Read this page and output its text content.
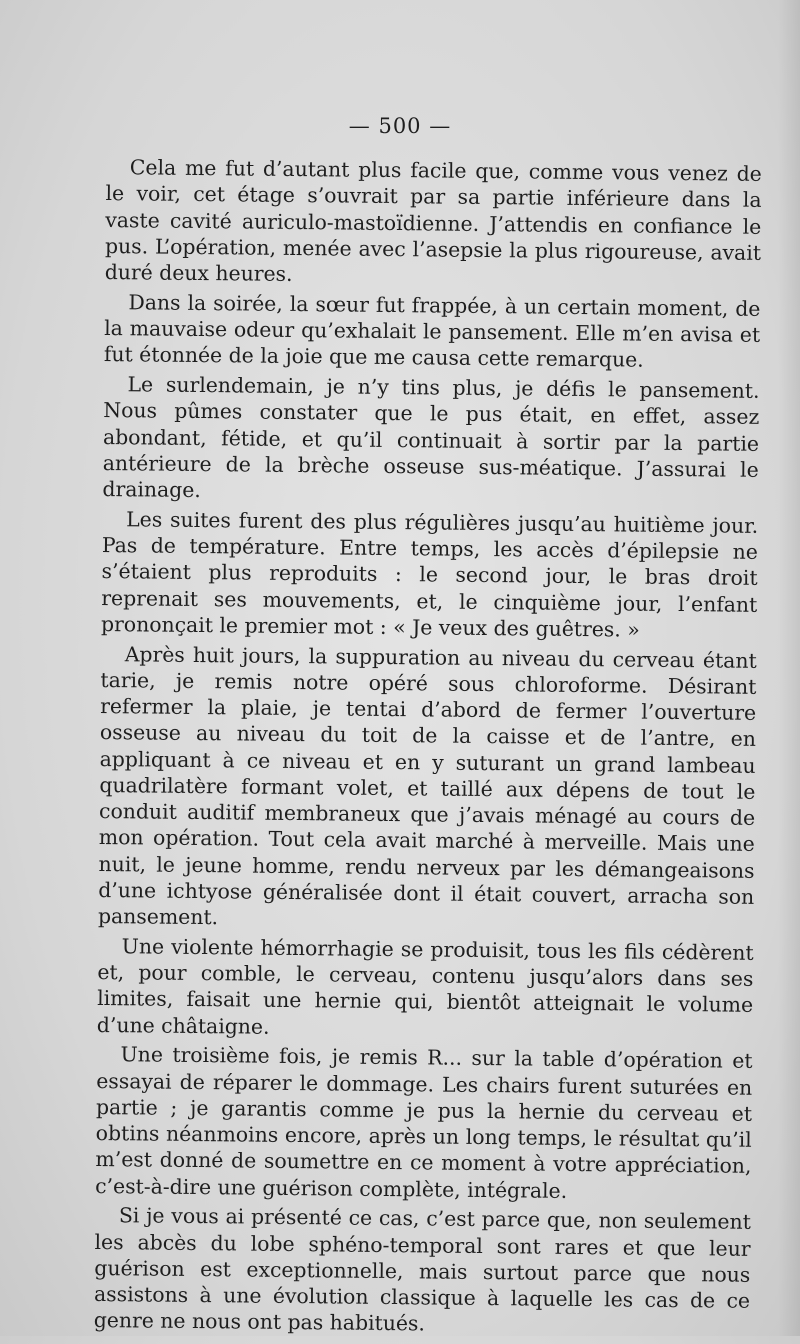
— 500 —

Cela me fut d’autant plus facile que, comme vous venez de le voir, cet étage s’ouvrait par sa partie inférieure dans la vaste cavité auriculo-mastoïdienne. J’attendis en confiance le pus. L’opération, menée avec l’asepsie la plus rigoureuse, avait duré deux heures.

Dans la soirée, la sœur fut frappée, à un certain moment, de la mauvaise odeur qu’exhalait le pansement. Elle m’en avisa et fut étonnée de la joie que me causa cette remarque.

Le surlendemain, je n’y tins plus, je défis le pansement. Nous pûmes constater que le pus était, en effet, assez abondant, fétide, et qu’il continuait à sortir par la partie antérieure de la brèche osseuse sus-méatique. J’assurai le drainage.

Les suites furent des plus régulières jusqu’au huitième jour. Pas de température. Entre temps, les accès d’épilepsie ne s’étaient plus reproduits : le second jour, le bras droit reprenait ses mouvements, et, le cinquième jour, l’enfant prononçait le premier mot : « Je veux des guêtres. »

Après huit jours, la suppuration au niveau du cerveau étant tarie, je remis notre opéré sous chloroforme. Désirant refermer la plaie, je tentai d’abord de fermer l’ouverture osseuse au niveau du toit de la caisse et de l’antre, en appliquant à ce niveau et en y suturant un grand lambeau quadrilatère formant volet, et taillé aux dépens de tout le conduit auditif membraneux que j’avais ménagé au cours de mon opération. Tout cela avait marché à merveille. Mais une nuit, le jeune homme, rendu nerveux par les démangeaisons d’une ichtyose généralisée dont il était couvert, arracha son pansement.

Une violente hémorrhagie se produisit, tous les fils cédèrent et, pour comble, le cerveau, contenu jusqu’alors dans ses limites, faisait une hernie qui, bientôt atteignait le volume d’une châtaigne.

Une troisième fois, je remis R... sur la table d’opération et essayai de réparer le dommage. Les chairs furent suturées en partie ; je garantis comme je pus la hernie du cerveau et obtins néanmoins encore, après un long temps, le résultat qu’il m’est donné de soumettre en ce moment à votre appréciation, c’est-à-dire une guérison complète, intégrale.

Si je vous ai présenté ce cas, c’est parce que, non seulement les abcès du lobe sphéno-temporal sont rares et que leur guérison est exceptionnelle, mais surtout parce que nous assistons à une évolution classique à laquelle les cas de ce genre ne nous ont pas habitués.
